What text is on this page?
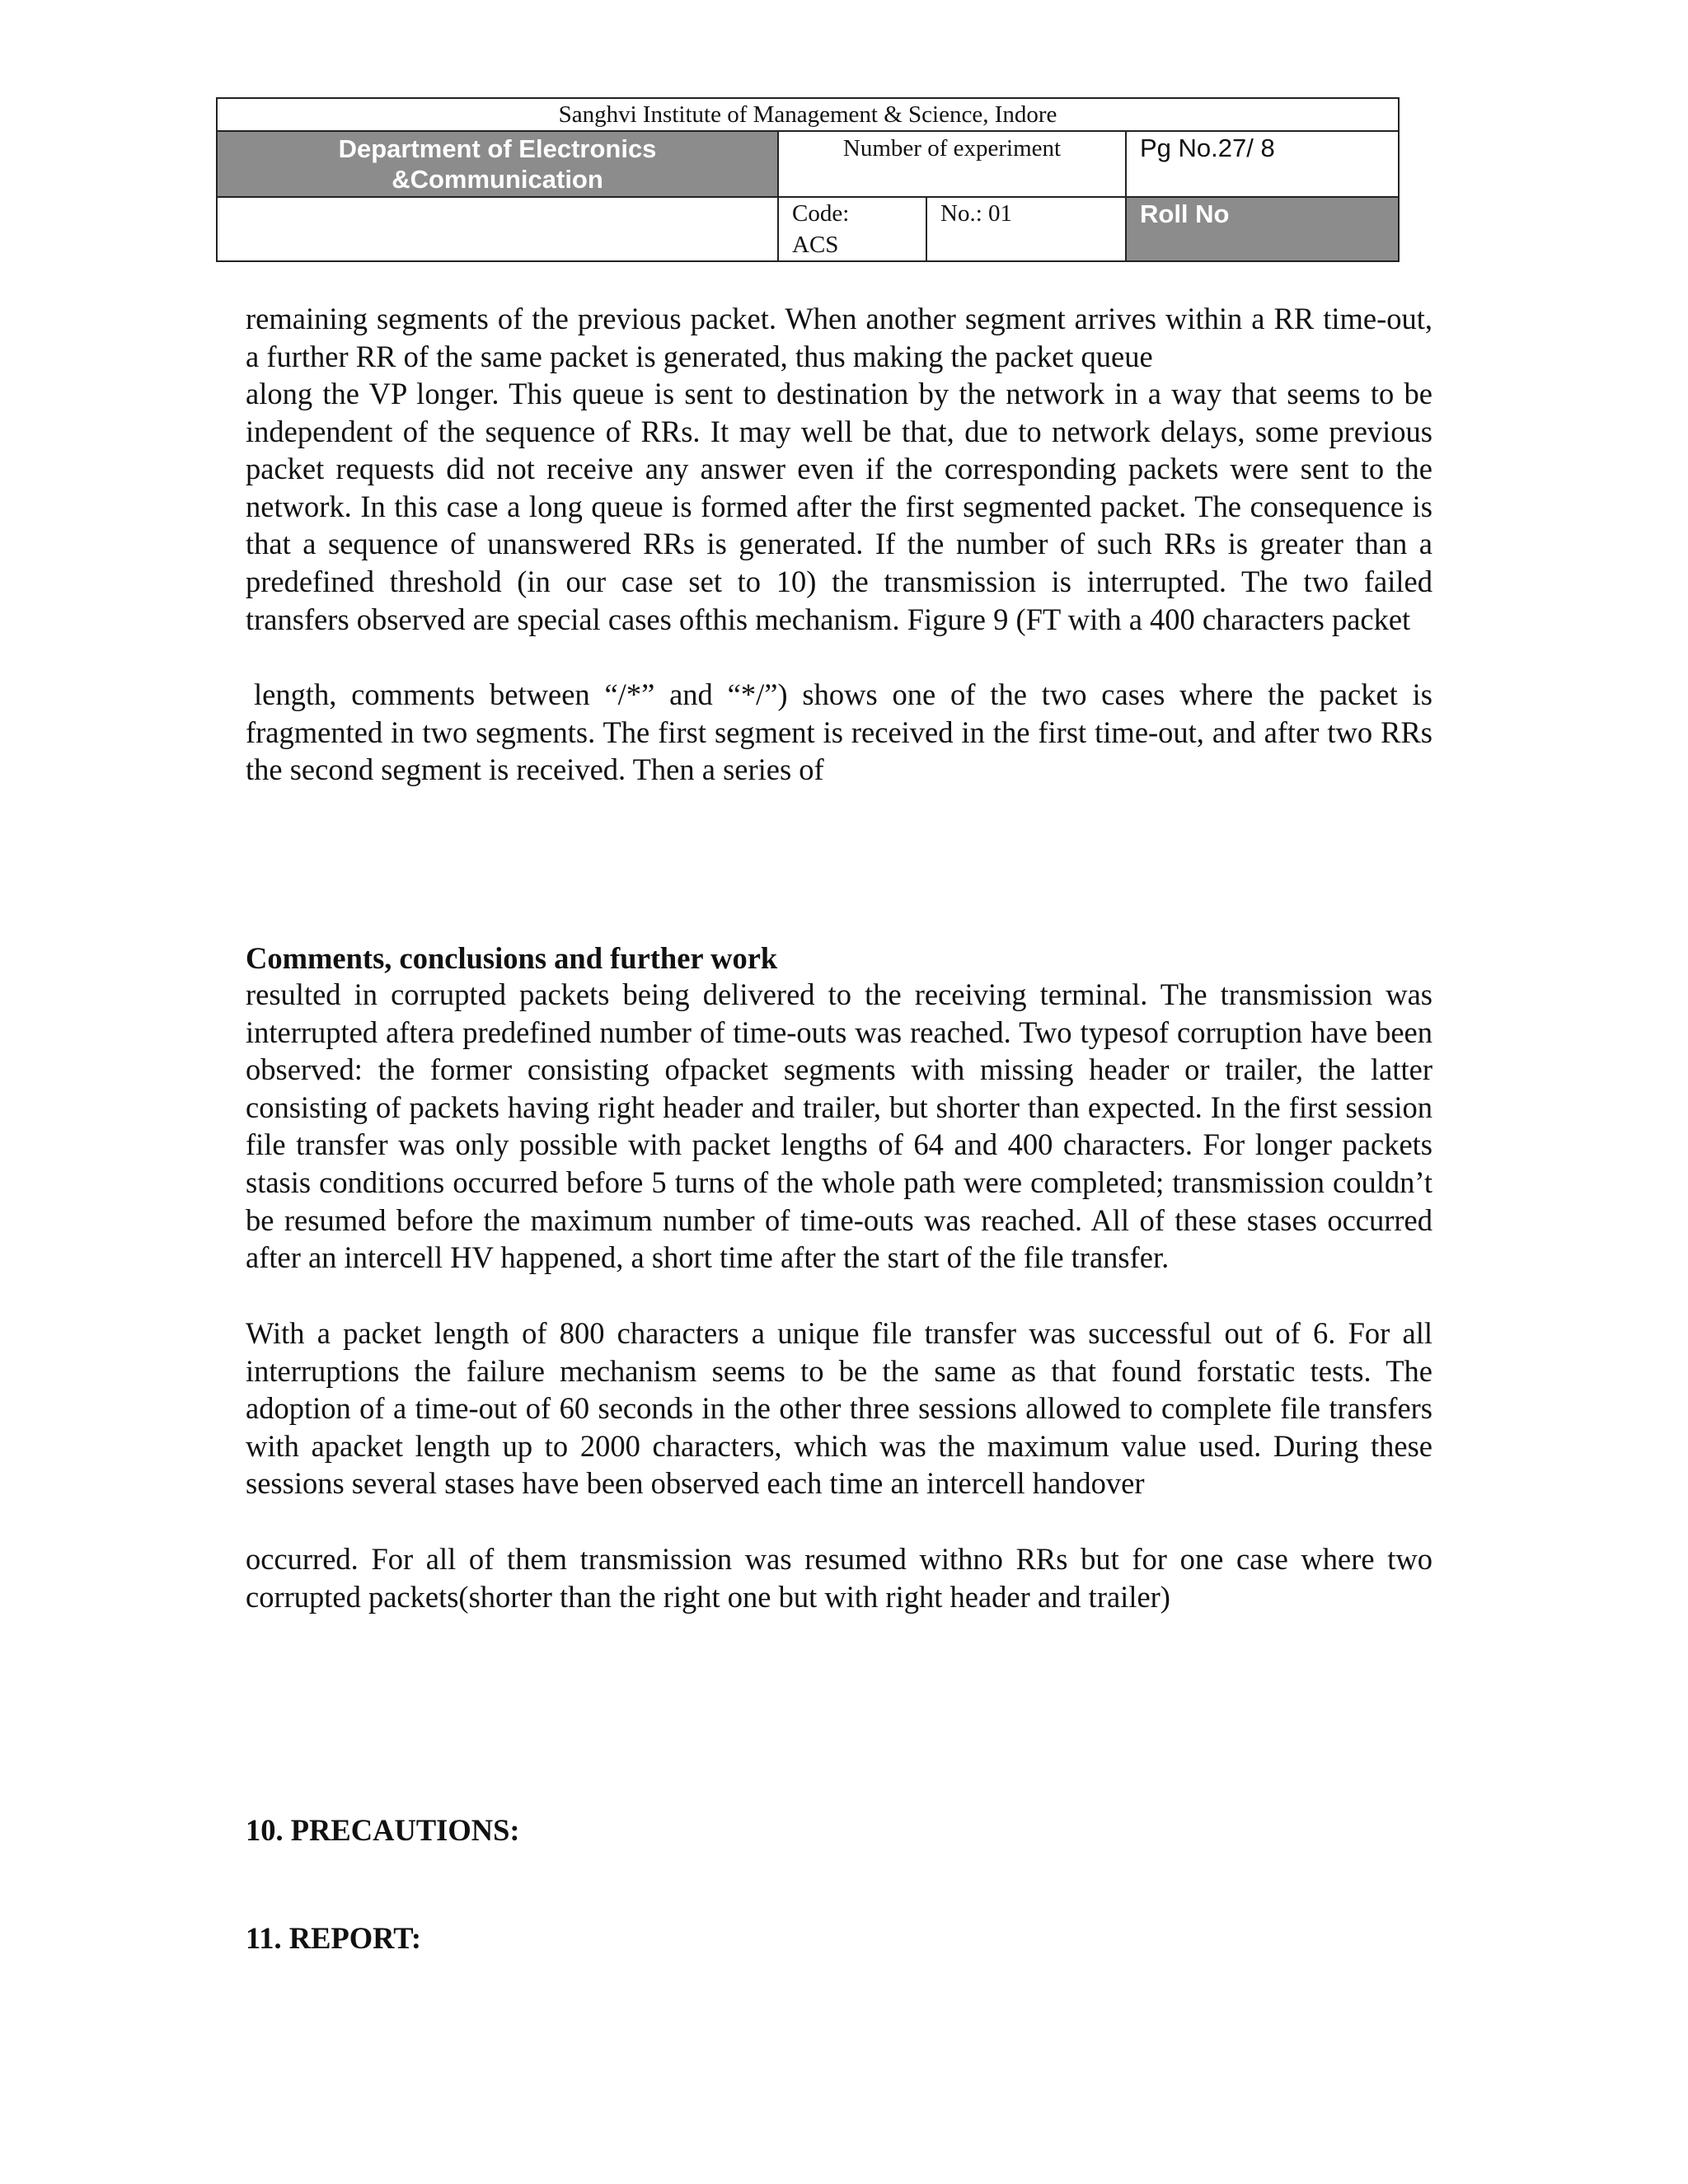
Sanghvi Institute of Management & Science, Indore			

Department of Electronics
&Communication	Number of experiment		Pg No.27/ 8

	Code:
ACS	No.: 01	Roll No

remaining segments of the previous packet. When another segment arrives within a RR time-out, a further RR of the same packet is generated, thus making the packet queue

along the VP longer. This queue is sent to destination by the network in a way that seems to be independent of the sequence of RRs. It may well be that, due to network delays, some previous packet requests did not receive any answer even if the corresponding packets were sent to the network. In this case a long queue is formed after the first segmented packet. The consequence is that a sequence of unanswered RRs is generated. If the number of such RRs is greater than a predefined threshold (in our case set to 10) the transmission is interrupted. The two failed transfers observed are special cases ofthis mechanism. Figure 9 (FT with a 400 characters packet

length, comments between “/*” and “*/”) shows one of the two cases where the packet is fragmented in two segments. The first segment is received in the first time-out, and after two RRs the second segment is received. Then a series of

Comments, conclusions and further work

resulted in corrupted packets being delivered to the receiving terminal. The transmission was interrupted aftera predefined number of time-outs was reached. Two typesof corruption have been observed: the former consisting ofpacket segments with missing header or trailer, the latter consisting of packets having right header and trailer, but shorter than expected. In the first session file transfer was only possible with packet lengths of 64 and 400 characters. For longer packets stasis conditions occurred before 5 turns of the whole path were completed; transmission couldn’t be resumed before the maximum number of time-outs was reached. All of these stases occurred after an intercell HV happened, a short time after the start of the file transfer.

With a packet length of 800 characters a unique file transfer was successful out of 6. For all interruptions the failure mechanism seems to be the same as that found forstatic tests. The adoption of a time-out of 60 seconds in the other three sessions allowed to complete file transfers with apacket length up to 2000 characters, which was the maximum value used. During these sessions several stases have been observed each time an intercell handover

occurred. For all of them transmission was resumed withno RRs but for one case where two corrupted packets(shorter than the right one but with right header and trailer)

10. PRECAUTIONS:

11. REPORT:
